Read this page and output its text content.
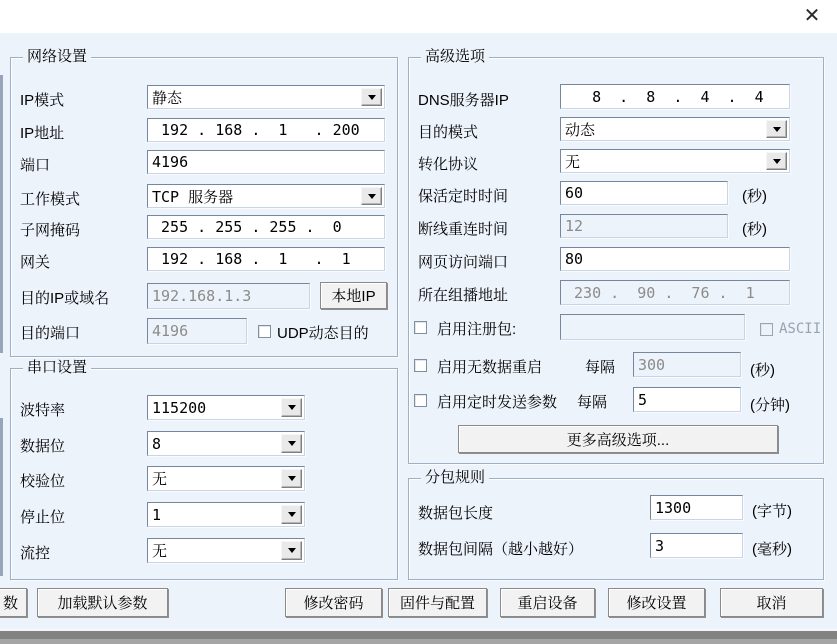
✕
网络设置
IP模式	静态
IP地址	192 . 168 .  1   . 200
端口	4196
工作模式	TCP 服务器
子网掩码	255 . 255 . 255 .  0
网关	192 . 168 .  1   .  1
目的IP或域名	192.168.1.3	本地IP
目的端口	4196	UDP动态目的
串口设置
波特率	115200
数据位	8
校验位	无
停止位	1
流控	无
高级选项
DNS服务器IP	8  .  8  .  4  .  4
目的模式	动态
转化协议	无
保活定时时间	60	(秒)
断线重连时间	12	(秒)
网页访问端口	80
所在组播地址	230 .  90 .  76 .  1
启用注册包:	ASCII
启用无数据重启	每隔	300	(秒)
启用定时发送参数 每隔	5	(分钟)
更多高级选项...
分包规则
数据包长度	1300	(字节)
数据包间隔（越小越好）	3	(毫秒)
数	加载默认参数	修改密码	固件与配置	重启设备	修改设置	取消
